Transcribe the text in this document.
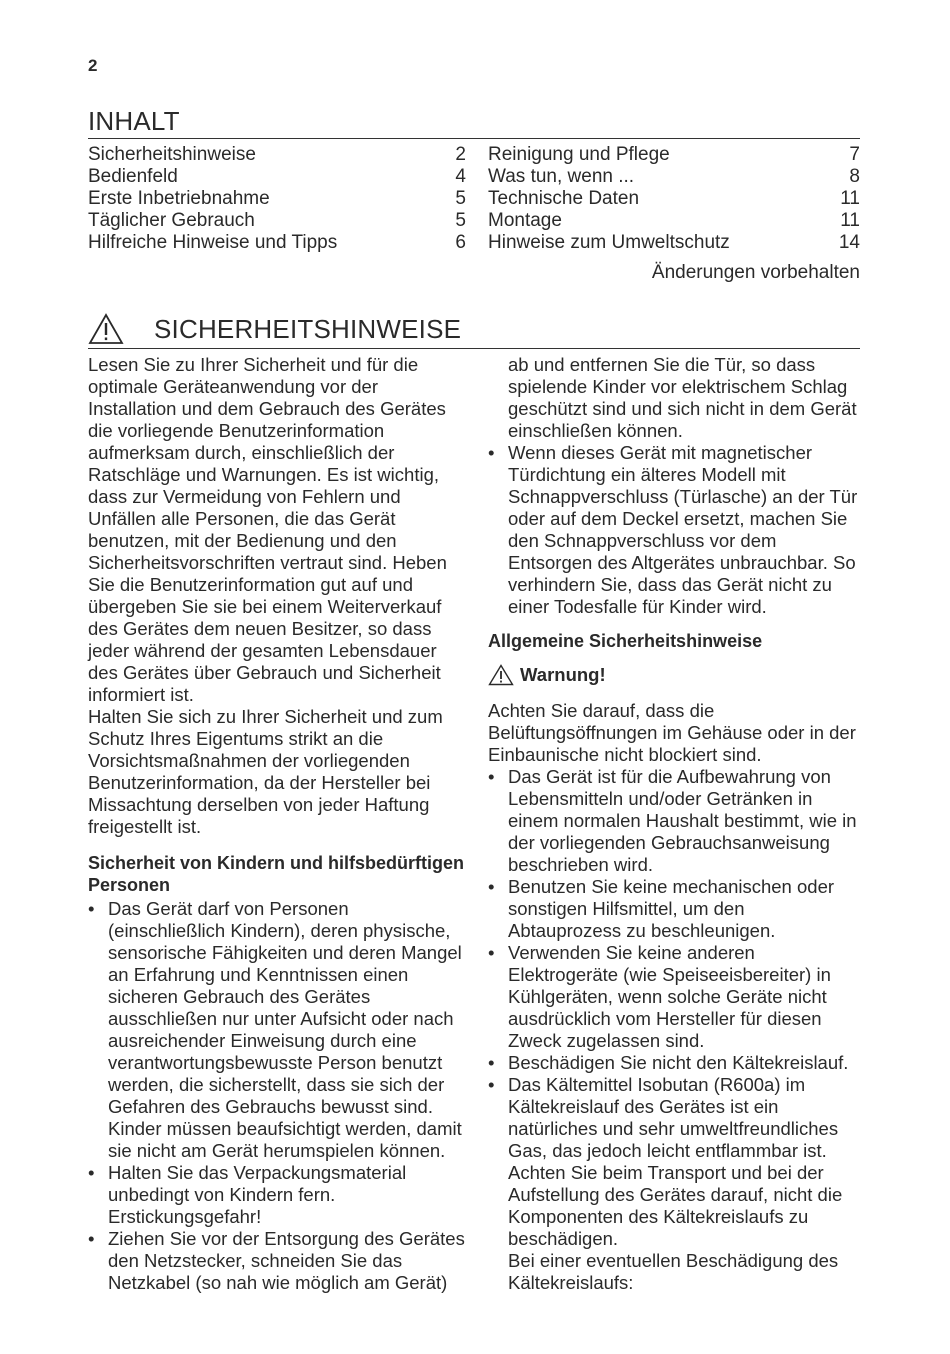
2
INHALT
Sicherheitshinweise	2
Bedienfeld	4
Erste Inbetriebnahme	5
Täglicher Gebrauch	5
Hilfreiche Hinweise und Tipps	6
Reinigung und Pflege	7
Was tun, wenn ...	8
Technische Daten	11
Montage	11
Hinweise zum Umweltschutz	14
Änderungen vorbehalten
SICHERHEITSHINWEISE

Lesen Sie zu Ihrer Sicherheit und für die optimale Geräteanwendung vor der Installation und dem Gebrauch des Gerätes die vorliegende Benutzerinformation aufmerksam durch, einschließlich der Ratschläge und Warnungen. Es ist wichtig, dass zur Vermeidung von Fehlern und Unfällen alle Personen, die das Gerät benutzen, mit der Bedienung und den Sicherheitsvorschriften vertraut sind. Heben Sie die Benutzerinformation gut auf und übergeben Sie sie bei einem Weiterverkauf des Gerätes dem neuen Besitzer, so dass jeder während der gesamten Lebensdauer des Gerätes über Gebrauch und Sicherheit informiert ist.

Halten Sie sich zu Ihrer Sicherheit und zum Schutz Ihres Eigentums strikt an die Vorsichtsmaßnahmen der vorliegenden Benutzerinformation, da der Hersteller bei Missachtung derselben von jeder Haftung freigestellt ist.

Sicherheit von Kindern und hilfsbedürftigen Personen
• Das Gerät darf von Personen (einschließlich Kindern), deren physische, sensorische Fähigkeiten und deren Mangel an Erfahrung und Kenntnissen einen sicheren Gebrauch des Gerätes ausschließen nur unter Aufsicht oder nach ausreichender Einweisung durch eine verantwortungsbewusste Person benutzt werden, die sicherstellt, dass sie sich der Gefahren des Gebrauchs bewusst sind.
Kinder müssen beaufsichtigt werden, damit sie nicht am Gerät herumspielen können.
• Halten Sie das Verpackungsmaterial unbedingt von Kindern fern. Erstickungsgefahr!
• Ziehen Sie vor der Entsorgung des Gerätes den Netzstecker, schneiden Sie das Netzkabel (so nah wie möglich am Gerät)

ab und entfernen Sie die Tür, so dass spielende Kinder vor elektrischem Schlag geschützt sind und sich nicht in dem Gerät einschließen können.

• Wenn dieses Gerät mit magnetischer Türdichtung ein älteres Modell mit Schnappverschluss (Türlasche) an der Tür oder auf dem Deckel ersetzt, machen Sie den Schnappverschluss vor dem Entsorgen des Altgerätes unbrauchbar. So verhindern Sie, dass das Gerät nicht zu einer Todesfalle für Kinder wird.
Allgemeine Sicherheitshinweise
Warnung!

Achten Sie darauf, dass die Belüftungsöffnungen im Gehäuse oder in der Einbaunische nicht blockiert sind.

• Das Gerät ist für die Aufbewahrung von Lebensmitteln und/oder Getränken in einem normalen Haushalt bestimmt, wie in der vorliegenden Gebrauchsanweisung beschrieben wird.
• Benutzen Sie keine mechanischen oder sonstigen Hilfsmittel, um den Abtauprozess zu beschleunigen.
• Verwenden Sie keine anderen Elektrogeräte (wie Speiseeisbereiter) in Kühlgeräten, wenn solche Geräte nicht ausdrücklich vom Hersteller für diesen Zweck zugelassen sind.
• Beschädigen Sie nicht den Kältekreislauf.
• Das Kältemittel Isobutan (R600a) im Kältekreislauf des Gerätes ist ein natürliches und sehr umweltfreundliches Gas, das jedoch leicht entflammbar ist.
Achten Sie beim Transport und bei der Aufstellung des Gerätes darauf, nicht die Komponenten des Kältekreislaufs zu beschädigen.
Bei einer eventuellen Beschädigung des Kältekreislaufs:
